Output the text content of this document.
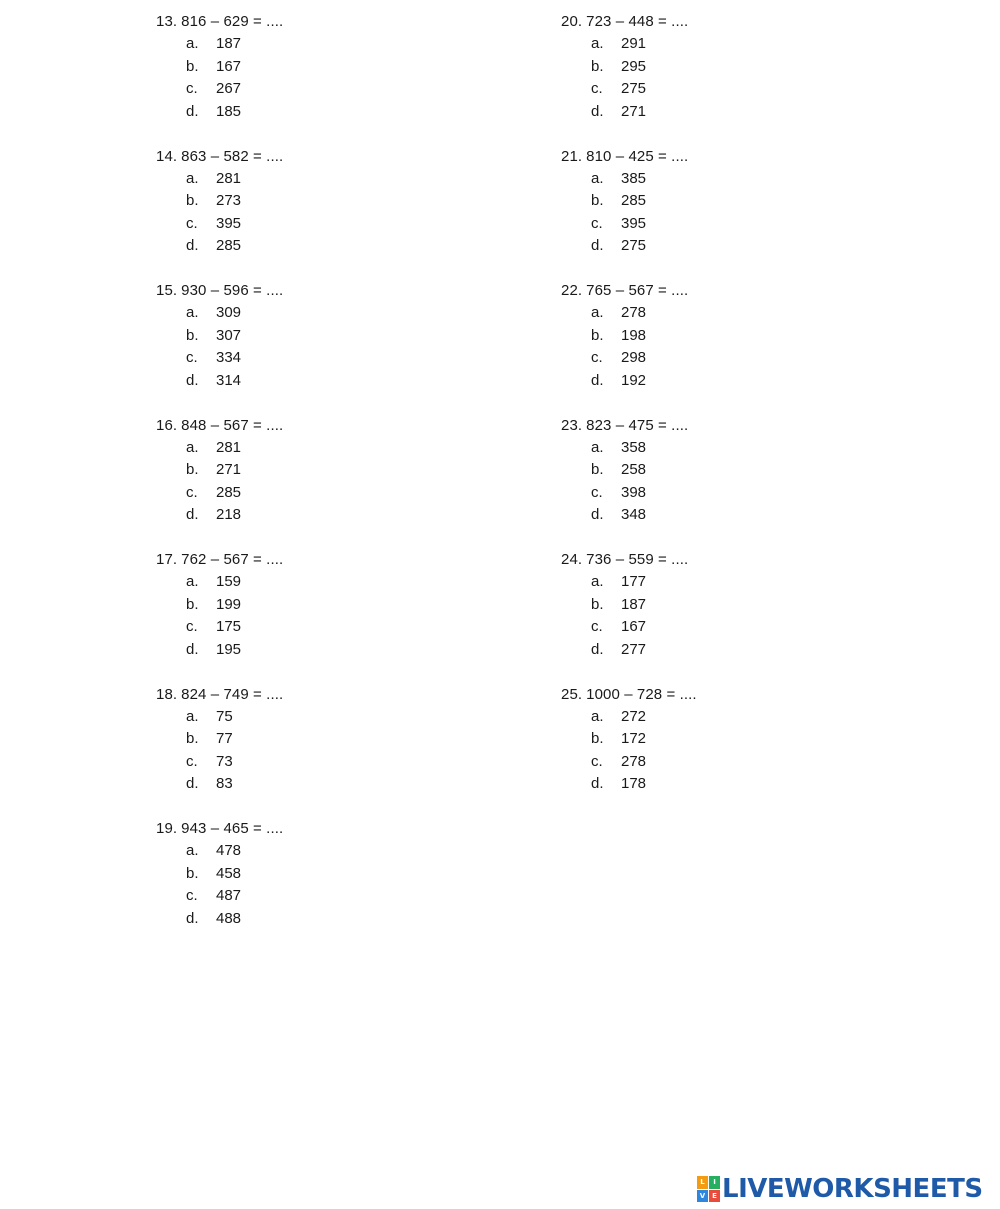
13. 816 – 629 = ....
a. 187
b. 167
c. 267
d. 185
14. 863 – 582 = ....
a. 281
b. 273
c. 395
d. 285
15. 930 – 596 = ....
a. 309
b. 307
c. 334
d. 314
16. 848 – 567 = ....
a. 281
b. 271
c. 285
d. 218
17. 762 – 567 = ....
a. 159
b. 199
c. 175
d. 195
18. 824 – 749 = ....
a. 75
b. 77
c. 73
d. 83
19. 943 – 465 = ....
a. 478
b. 458
c. 487
d. 488
20. 723 – 448 = ....
a. 291
b. 295
c. 275
d. 271
21. 810 – 425 = ....
a. 385
b. 285
c. 395
d. 275
22. 765 – 567 = ....
a. 278
b. 198
c. 298
d. 192
23. 823 – 475 = ....
a. 358
b. 258
c. 398
d. 348
24. 736 – 559 = ....
a. 177
b. 187
c. 167
d. 277
25. 1000 – 728 = ....
a. 272
b. 172
c. 278
d. 178
L	I
V E LIVEWORKSHEETS
